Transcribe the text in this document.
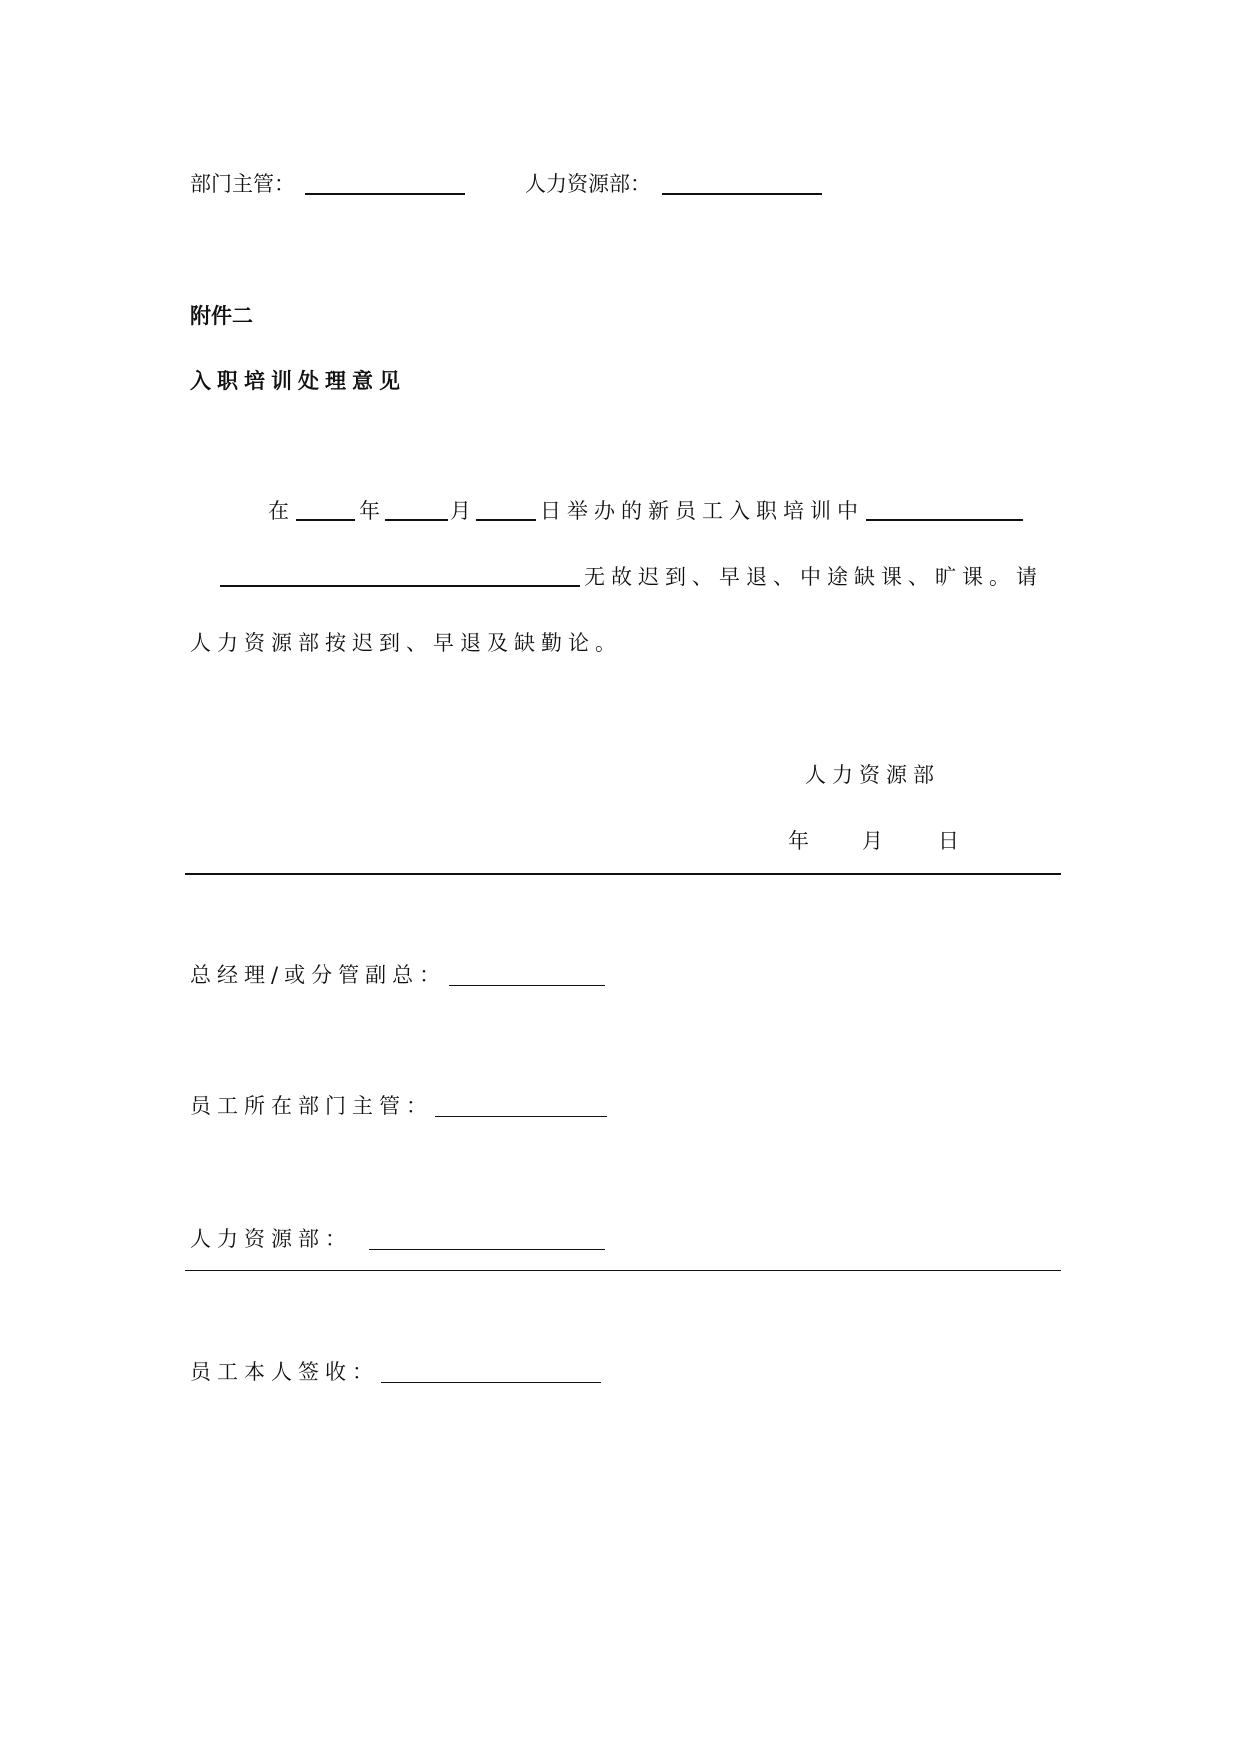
部门主管：	人力资源部：
附件二
入职培训处理意见
在	年	月	日举办的新员工入职培训中
无故迟到、早退、中途缺课、旷课。请
人力资源部按迟到、早退及缺勤论。
人力资源部
年	月	日
总经理/或分管副总：
员工所在部门主管：
人力资源部：
员工本人签收：
